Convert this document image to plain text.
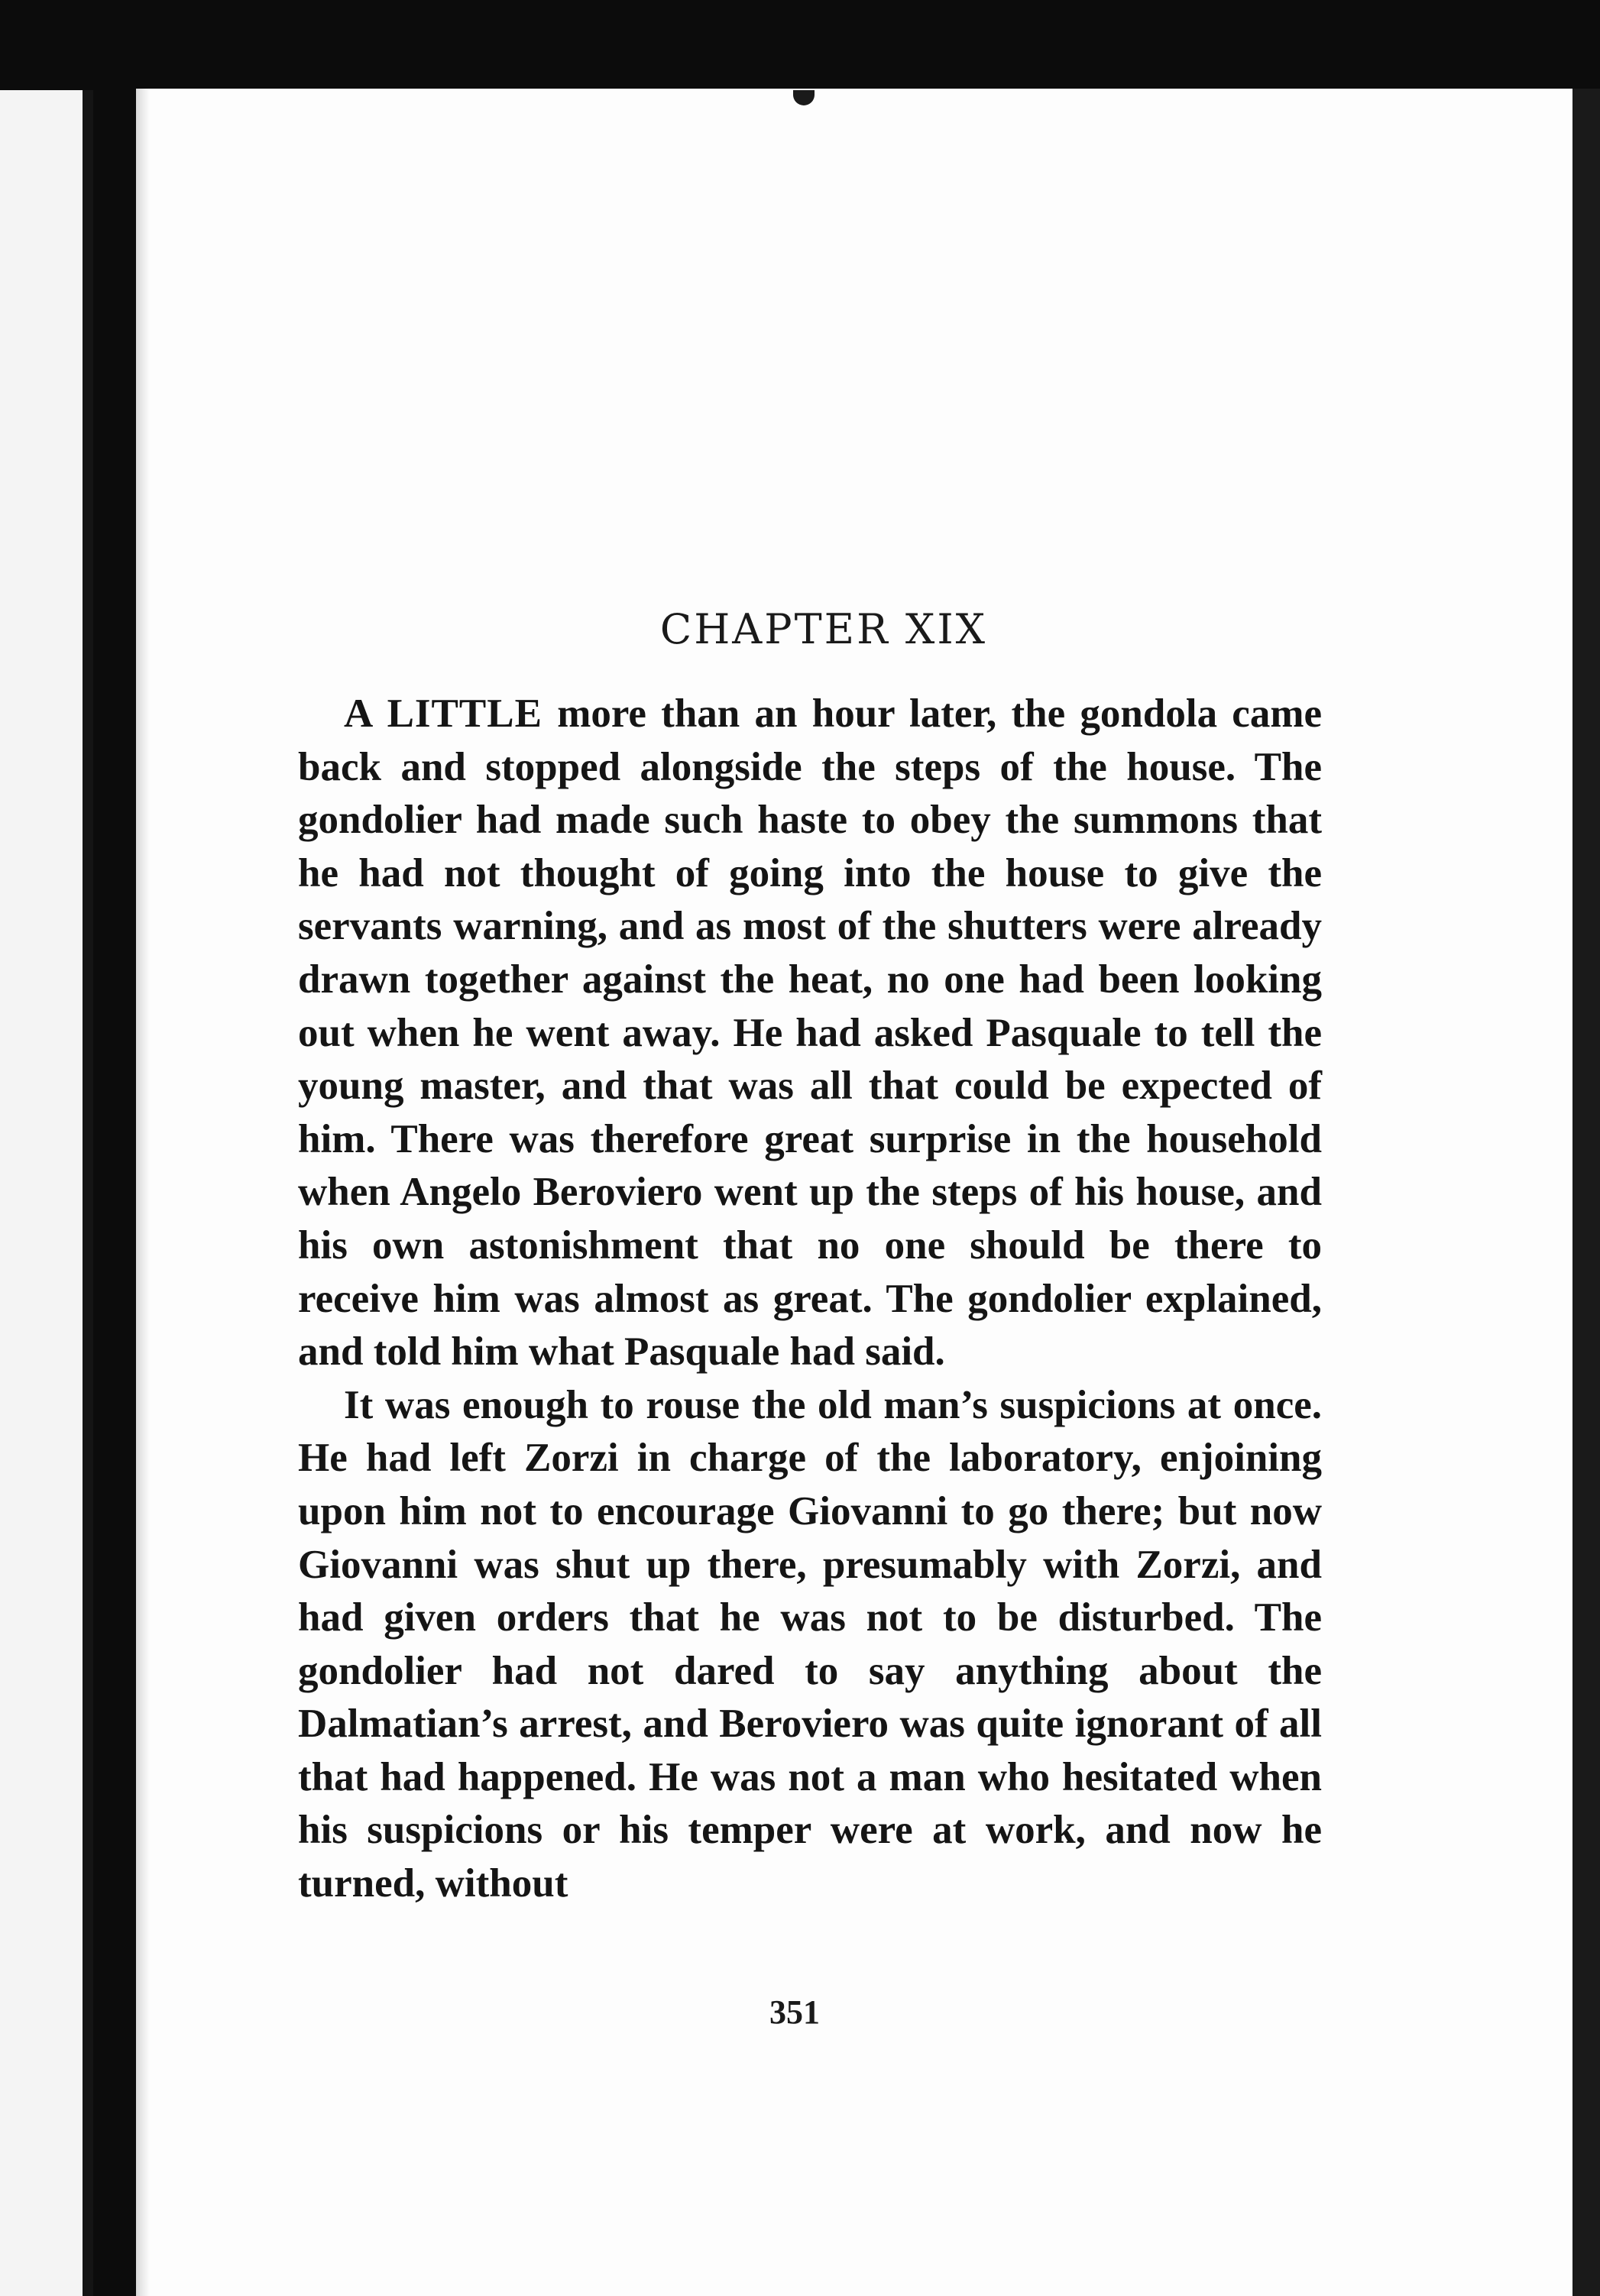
CHAPTER XIX

A LITTLE more than an hour later, the gondola came back and stopped alongside the steps of the house. The gondolier had made such haste to obey the summons that he had not thought of going into the house to give the servants warning, and as most of the shutters were already drawn together against the heat, no one had been looking out when he went away. He had asked Pasquale to tell the young master, and that was all that could be expected of him. There was therefore great surprise in the household when Angelo Beroviero went up the steps of his house, and his own astonishment that no one should be there to receive him was almost as great. The gondolier explained, and told him what Pasquale had said.

It was enough to rouse the old man’s suspicions at once. He had left Zorzi in charge of the laboratory, enjoining upon him not to encourage Giovanni to go there; but now Giovanni was shut up there, presumably with Zorzi, and had given orders that he was not to be disturbed. The gondolier had not dared to say anything about the Dalmatian’s arrest, and Beroviero was quite ignorant of all that had happened. He was not a man who hesitated when his suspicions or his temper were at work, and now he turned, without

351
